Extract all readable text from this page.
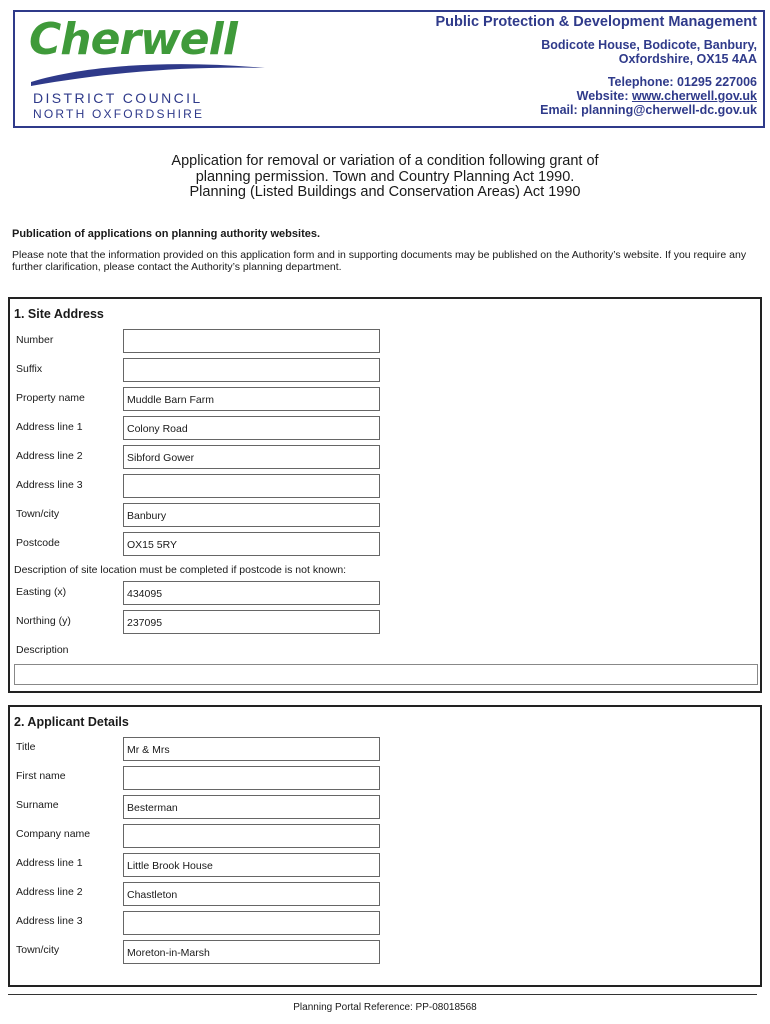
Cherwell
DISTRICT COUNCIL
NORTH OXFORDSHIRE
Public Protection & Development Management
Bodicote House, Bodicote, Banbury,
Oxfordshire, OX15 4AA
Telephone: 01295 227006
Website: www.cherwell.gov.uk
Email: planning@cherwell-dc.gov.uk
Application for removal or variation of a condition following grant of
planning permission. Town and Country Planning Act 1990.
Planning (Listed Buildings and Conservation Areas) Act 1990
Publication of applications on planning authority websites.
Please note that the information provided on this application form and in supporting documents may be published on the Authority’s website. If you require any further clarification, please contact the Authority’s planning department.
1. Site Address
Number
Suffix
Property name	Muddle Barn Farm
Address line 1	Colony Road
Address line 2	Sibford Gower
Address line 3
Town/city	Banbury
Postcode	OX15 5RY
Description of site location must be completed if postcode is not known:
Easting (x)	434095
Northing (y)	237095
Description
2. Applicant Details
Title	Mr & Mrs
First name
Surname	Besterman
Company name
Address line 1	Little Brook House
Address line 2	Chastleton
Address line 3
Town/city	Moreton-in-Marsh
Planning Portal Reference: PP-08018568
